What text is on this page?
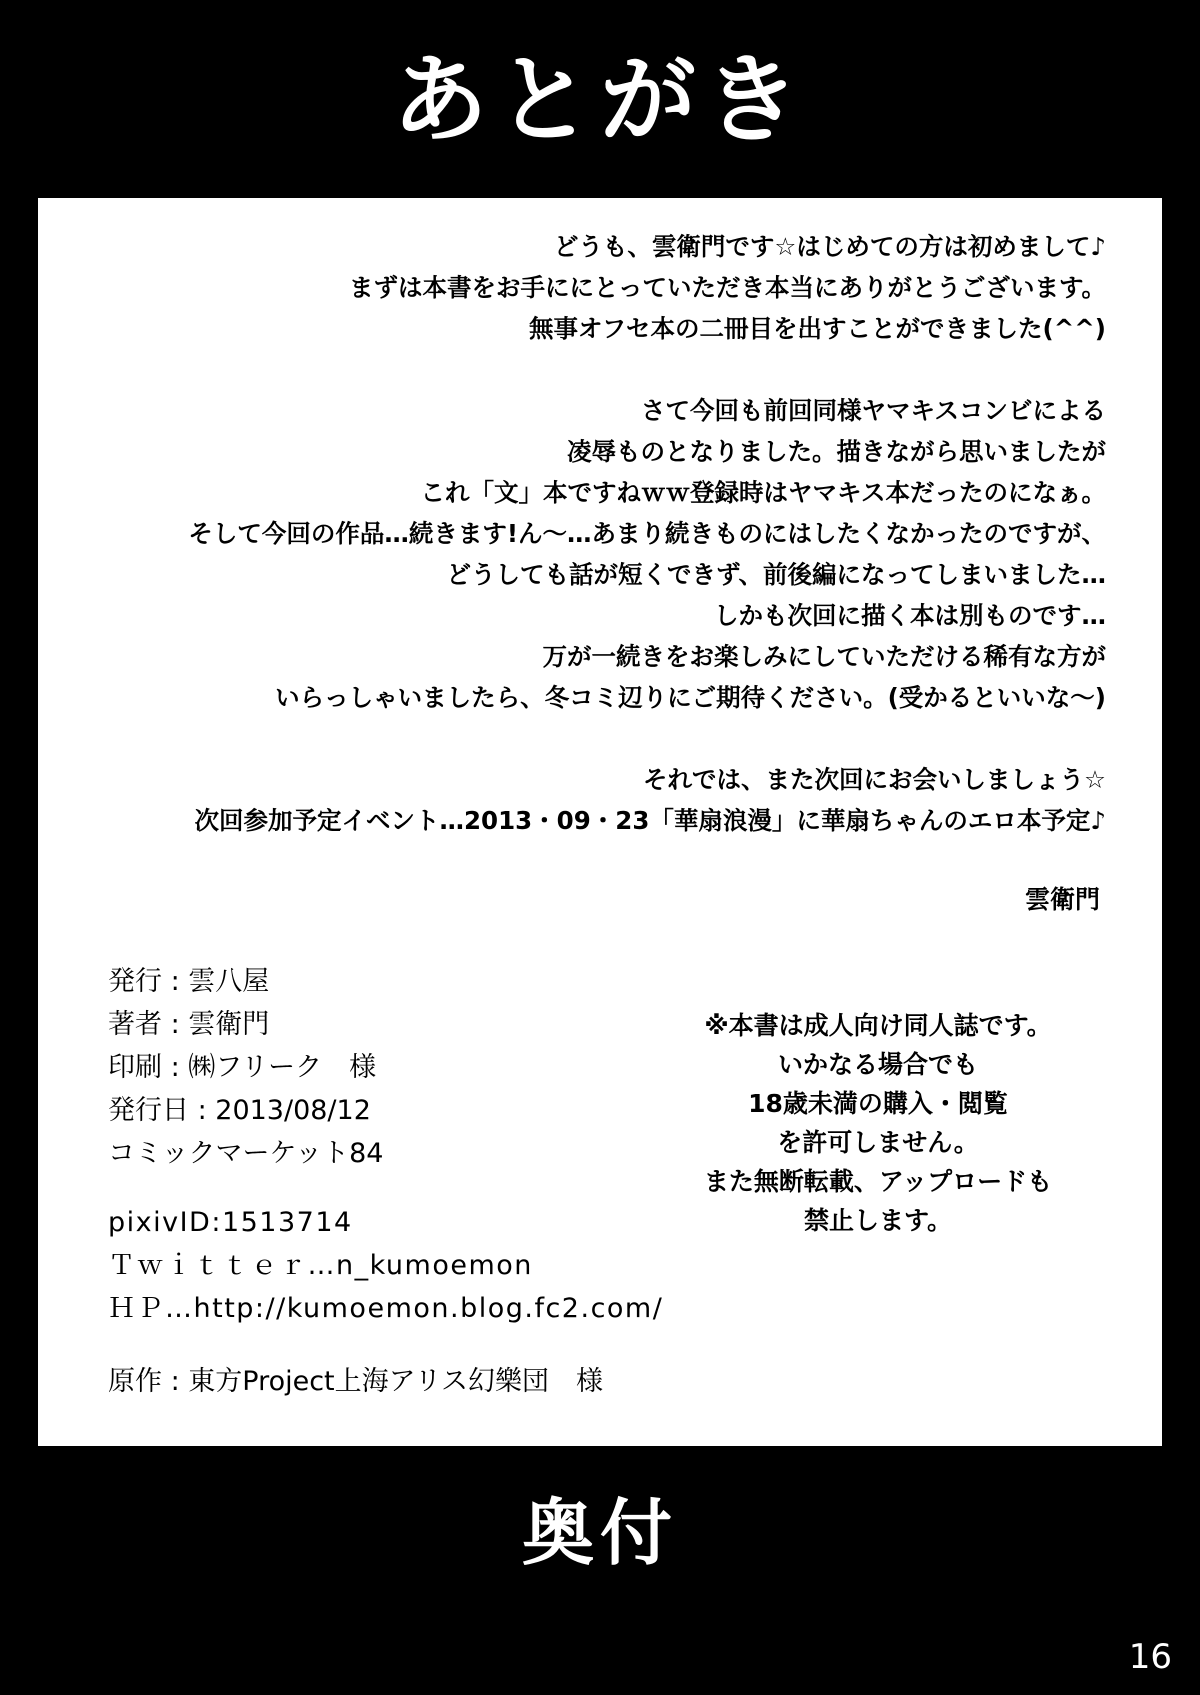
あとがき

どうも、雲衛門です☆はじめての方は初めまして♪

まずは本書をお手ににとっていただき本当にありがとうございます。

無事オフセ本の二冊目を出すことができました(^^)

さて今回も前回同様ヤマキスコンビによる

凌辱ものとなりました。描きながら思いましたが

これ「文」本ですねｗｗ登録時はヤマキス本だったのになぁ。

そして今回の作品…続きます!ん～…あまり続きものにはしたくなかったのですが、

どうしても話が短くできず、前後編になってしまいました…

しかも次回に描く本は別ものです…

万が一続きをお楽しみにしていただける稀有な方が

いらっしゃいましたら、冬コミ辺りにご期待ください。(受かるといいな～)

それでは、また次回にお会いしましょう☆

次回参加予定イベント…2013・09・23「華扇浪漫」に華扇ちゃんのエロ本予定♪

雲衛門

発行 : 雲八屋

著者 : 雲衛門

印刷 : ㈱フリーク　様

発行日 : 2013/08/12

コミックマーケット84

pixivID:1513714

Ｔｗｉｔｔｅｒ…n_kumoemon

ＨＰ…http://kumoemon.blog.fc2.com/

原作 : 東方Project上海アリス幻樂団　様

※本書は成人向け同人誌です。

いかなる場合でも

18歳未満の購入・閲覧

を許可しません。

また無断転載、アップロードも

禁止します。

奥付
16
